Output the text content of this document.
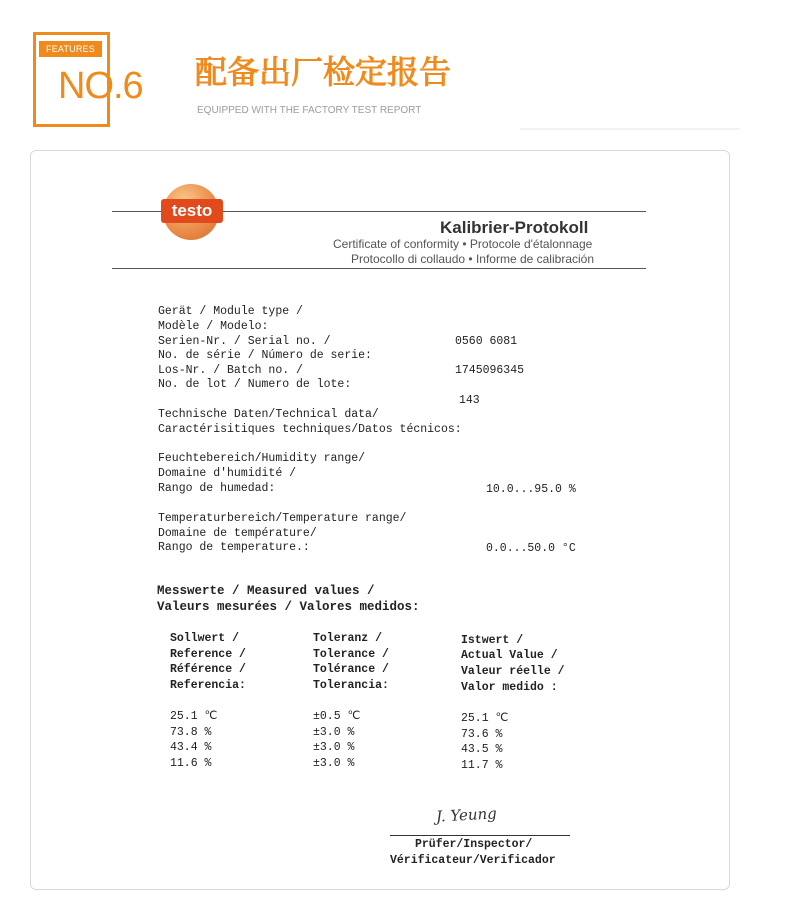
FEATURES
NO.6 配备出厂检定报告
EQUIPPED WITH THE FACTORY TEST REPORT
testo
Kalibrier-Protokoll
Certificate of conformity • Protocole d'étalonnage
Protocollo di collaudo • Informe de calibración
Gerät / Module type /
Modèle / Modelo:
Serien-Nr. / Serial no. /	0560 6081
No. de série / Número de serie:
Los-Nr. / Batch no. /	1745096345
No. de lot / Numero de lote:
143
Technische Daten/Technical data/
Caractérisitiques techniques/Datos técnicos:
Feuchtebereich/Humidity range/
Domaine d'humidité /
Rango de humedad:	10.0...95.0 %
Temperaturbereich/Temperature range/
Domaine de température/
Rango de temperature.:	0.0...50.0 °C
Messwerte / Measured values /
Valeurs mesurées / Valores medidos:
Sollwert /
Reference /
Référence /
Referencia:
Toleranz /
Tolerance /
Tolérance /
Tolerancia:
Istwert /
Actual Value /
Valeur réelle /
Valor medido :
25.1 ℃	±0.5 ℃	25.1 ℃
73.8 %	±3.0 %	73.6 %
43.4 %	±3.0 %	43.5 %
11.6 %	±3.0 %	11.7 %
J. Yeung
Prüfer/Inspector/
Vérificateur/Verificador
